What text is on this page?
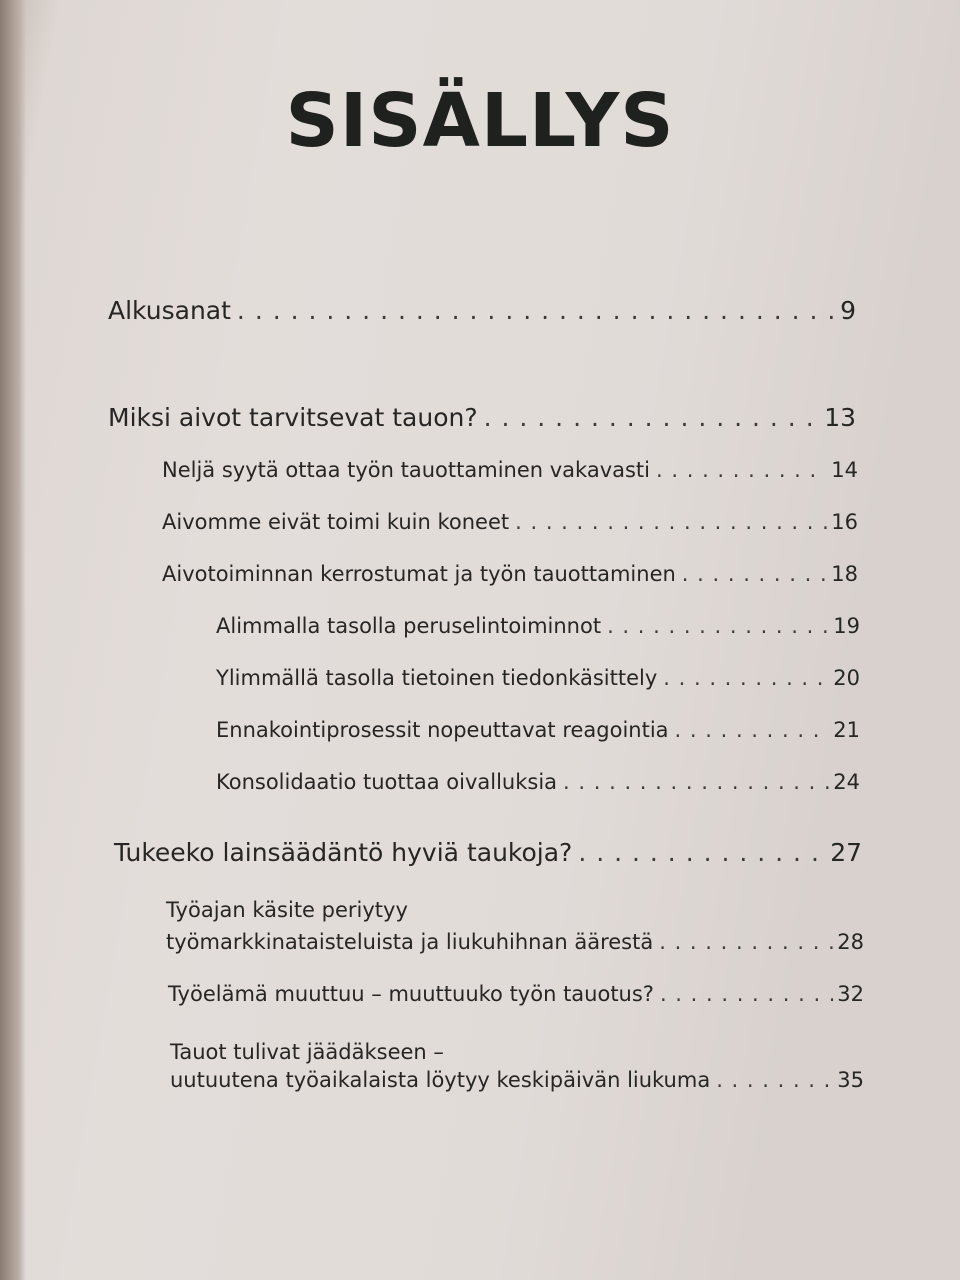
SISÄLLYS
Alkusanat . . .	9
Miksi aivot tarvitsevat tauon? . . .	13
Neljä syytä ottaa työn tauottaminen vakavasti . . .	14
Aivomme eivät toimi kuin koneet . . .	16
Aivotoiminnan kerrostumat ja työn tauottaminen . . .	18
Alimmalla tasolla peruselintoiminnot . . .	19
Ylimmällä tasolla tietoinen tiedonkäsittely . . .	20
Ennakointiprosessit nopeuttavat reagointia . . .	21
Konsolidaatio tuottaa oivalluksia . . .	24
Tukeeko lainsäädäntö hyviä taukoja? . . .	27
Työajan käsite periytyy
työmarkkinataisteluista ja liukuhihnan äärestä . . .	28
Työelämä muuttuu – muuttuuko työn tauotus? . . .	32
Tauot tulivat jäädäkseen –
uutuutena työaikalaista löytyy keskipäivän liukuma . . .	35
